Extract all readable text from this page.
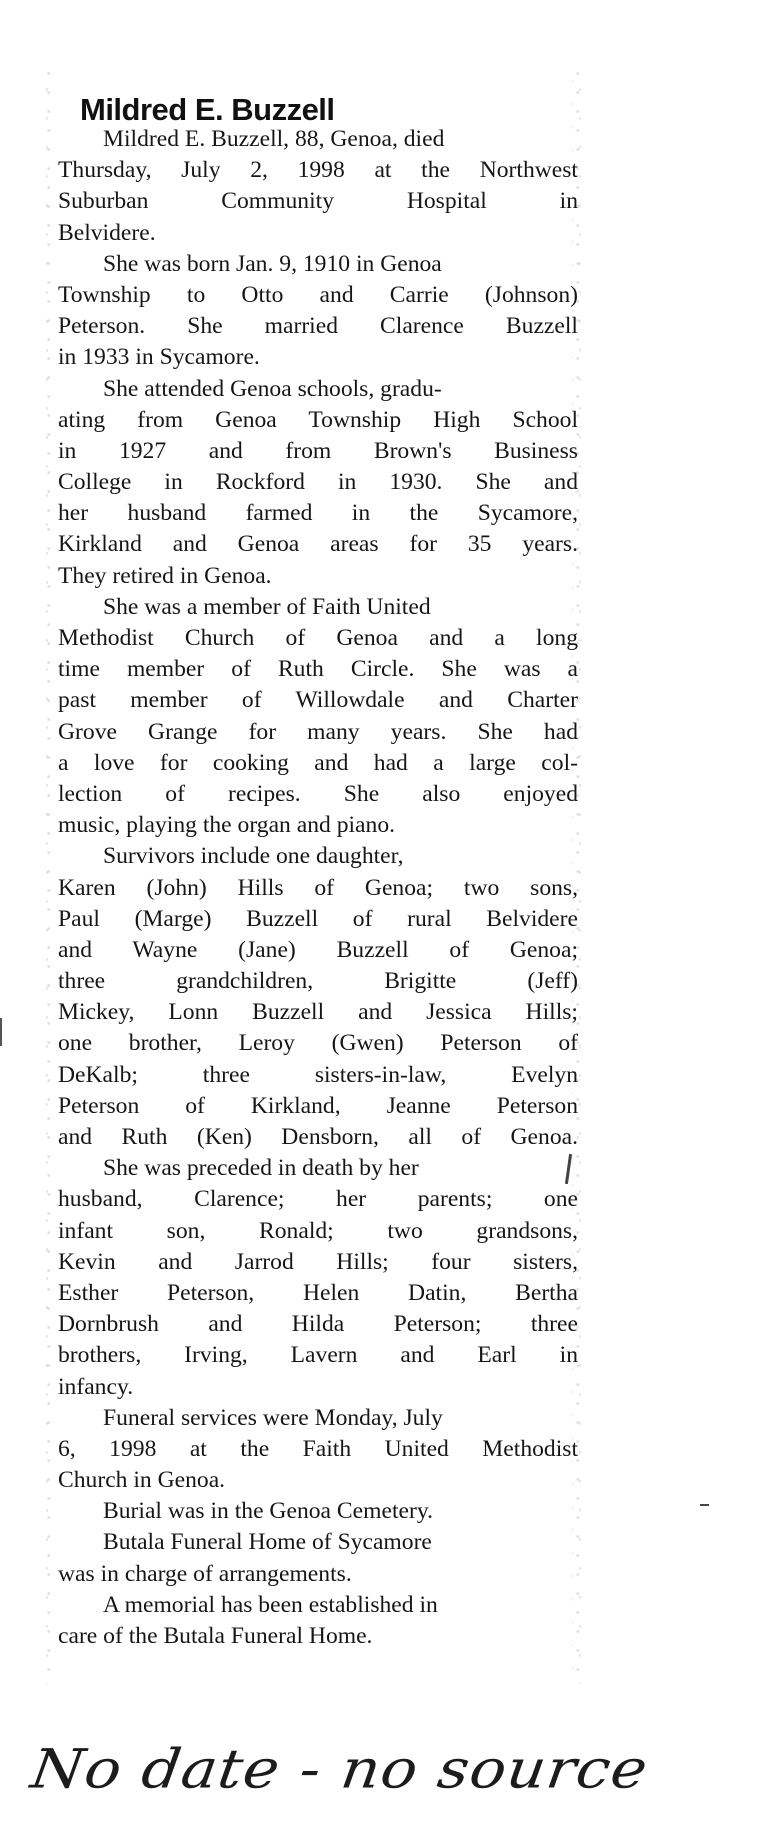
Mildred E. Buzzell
Mildred E. Buzzell, 88, Genoa, died
Thursday, July 2, 1998 at the Northwest
Suburban Community Hospital in
Belvidere.
She was born Jan. 9, 1910 in Genoa
Township to Otto and Carrie (Johnson)
Peterson. She married Clarence Buzzell
in 1933 in Sycamore.
She attended Genoa schools, gradu-
ating from Genoa Township High School
in 1927 and from Brown's Business
College in Rockford in 1930. She and
her husband farmed in the Sycamore,
Kirkland and Genoa areas for 35 years.
They retired in Genoa.
She was a member of Faith United
Methodist Church of Genoa and a long
time member of Ruth Circle. She was a
past member of Willowdale and Charter
Grove Grange for many years. She had
a love for cooking and had a large col-
lection of recipes. She also enjoyed
music, playing the organ and piano.
Survivors include one daughter,
Karen (John) Hills of Genoa; two sons,
Paul (Marge) Buzzell of rural Belvidere
and Wayne (Jane) Buzzell of Genoa;
three grandchildren, Brigitte (Jeff)
Mickey, Lonn Buzzell and Jessica Hills;
one brother, Leroy (Gwen) Peterson of
DeKalb; three sisters-in-law, Evelyn
Peterson of Kirkland, Jeanne Peterson
and Ruth (Ken) Densborn, all of Genoa.
She was preceded in death by her
husband, Clarence; her parents; one
infant son, Ronald; two grandsons,
Kevin and Jarrod Hills; four sisters,
Esther Peterson, Helen Datin, Bertha
Dornbrush and Hilda Peterson; three
brothers, Irving, Lavern and Earl in
infancy.
Funeral services were Monday, July
6, 1998 at the Faith United Methodist
Church in Genoa.
Burial was in the Genoa Cemetery.
Butala Funeral Home of Sycamore
was in charge of arrangements.
A memorial has been established in
care of the Butala Funeral Home.
No date - no source
